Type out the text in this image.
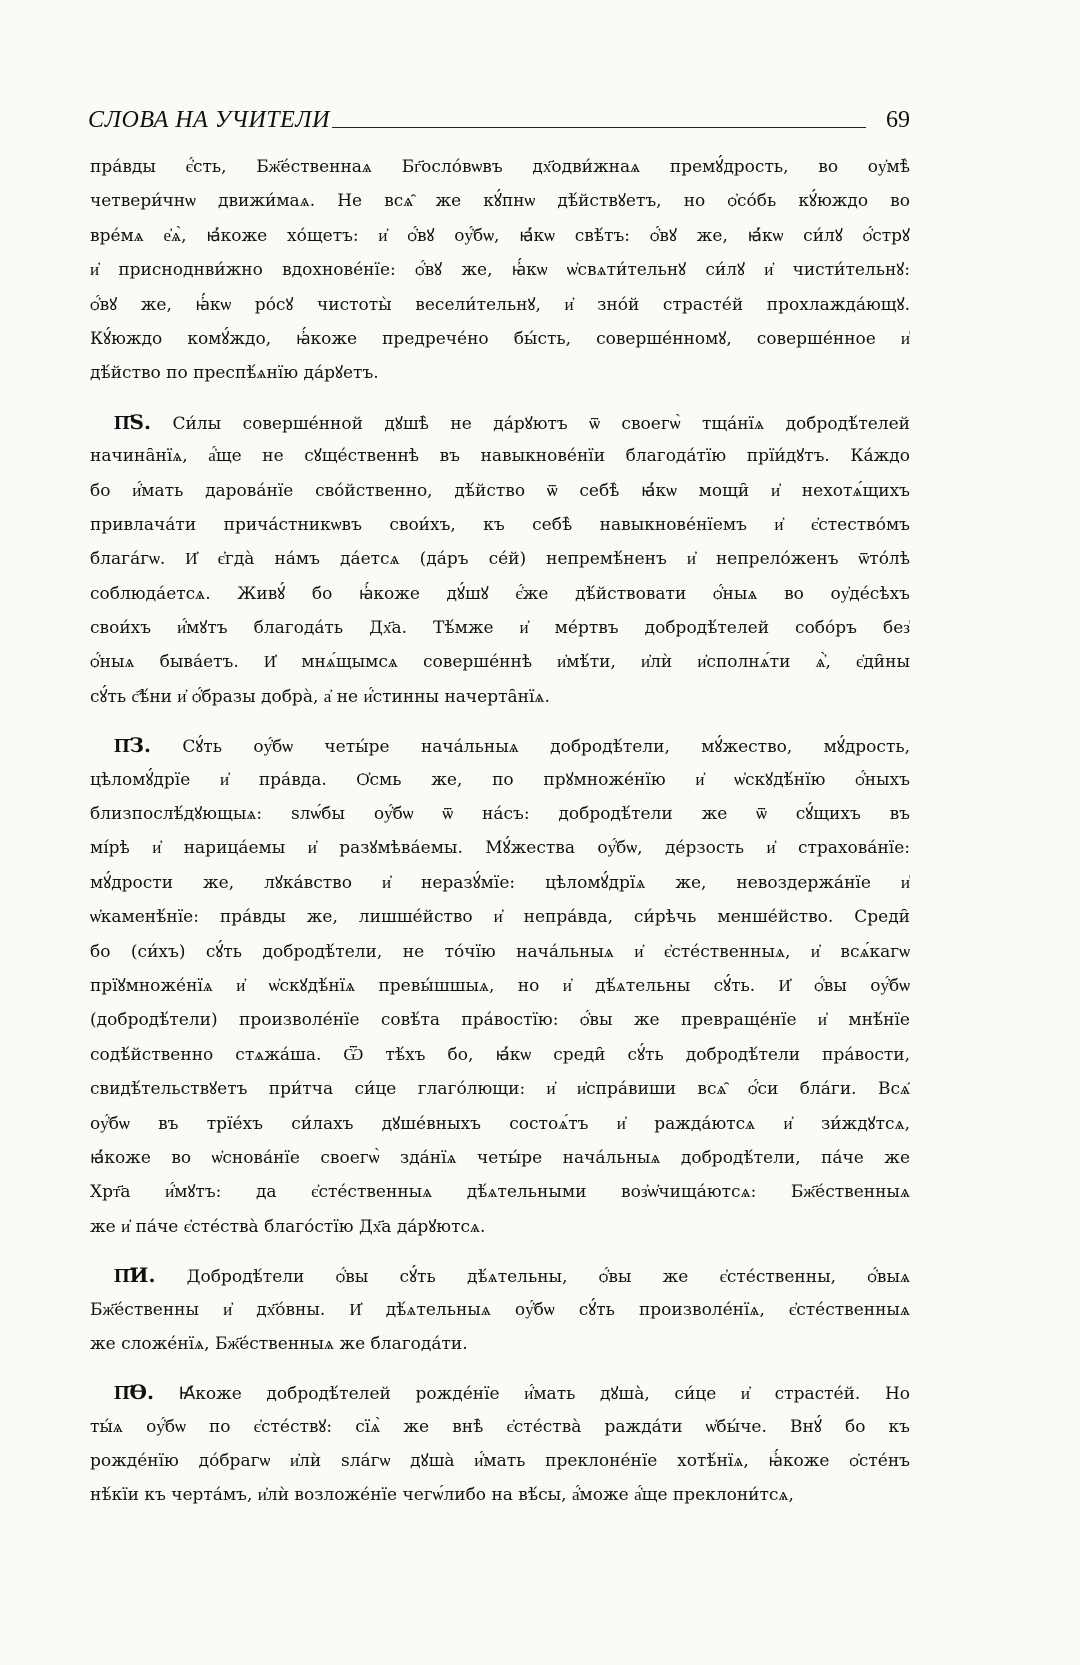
СЛОВА НА УЧИТЕЛИ	69
пра́вды є҆́сть, Бж҃е́ственнаѧ Бг҃осло́вѡвъ дх҃одви́жнаѧ премꙋ́дрость, во оу҆мѣ̀
четвери́чнѡ движи́маѧ. Не всѧ̑ же кꙋ́пнѡ дѣ́йствꙋетъ, но ѻ҆со́бь кꙋ́юждо во
вре́мѧ е҆ѧ̀, ꙗ҆́коже хо́щетъ: и҆ ѻ҆́вꙋ оу҆́бѡ, ꙗ҆́кѡ свѣ́тъ: ѻ҆́вꙋ же, ꙗ҆́кѡ си́лꙋ ѻ҆́стрꙋ
и҆ присноднви́жно вдохнове́нїе: ѻ҆́вꙋ же, ꙗ҆́кѡ ѡ҆свѧти́тельнꙋ си́лꙋ и҆ чисти́тельнꙋ:
ѻ҆́вꙋ же, ꙗ҆́кѡ ро́сꙋ чистоты̀ весели́тельнꙋ, и҆ зно́й страсте́й прохлажда́ющꙋ.
Кꙋ́юждо комꙋ́ждо, ꙗ҆́коже предрече́но бы́сть, соверше́нномꙋ, соверше́нное и҆
дѣ́йство по преспѣ́ѧнїю да́рꙋетъ.
П҃Ѕ. Си́лы соверше́нной дꙋшѣ̀ не да́рꙋютъ ѿ своегѡ̀ тща́нїѧ добродѣ́телей
начина̑нїѧ, а҆́ще не сꙋще́ственнѣ въ навыкнове́нїи благода́тїю прїи́дꙋтъ. Ка́ждо
бо и҆́мать дарова́нїе сво́йственно, дѣ́йство ѿ себѣ̀ ꙗ҆́кѡ мощи̑ и҆ нехотѧ́щихъ
привлача́ти прича́стникѡвъ свои́хъ, къ себѣ̀ навыкнове́нїемъ и҆ є҆стество́мъ
блага́гѡ. И҆ є҆гда̀ на́мъ да́етсѧ (да́ръ се́й) непремѣ́ненъ и҆ непрело́женъ ѿто́лѣ
соблюда́етсѧ. Живꙋ́ бо ꙗ҆́коже дꙋ́шꙋ є҆́же дѣ́йствовати ѻ҆́ныѧ во оу҆де́сѣхъ
свои́хъ и҆́мꙋтъ благода́ть Дх҃а. Тѣ́мже и҆ ме́ртвъ добродѣ́телей собо́ръ без҆
ѻ҆́ныѧ быва́етъ. И҆ мнѧ́щымсѧ соверше́ннѣ и҆мѣ́ти, и҆лѝ и҆сполнѧ́ти ѧ҆̀, є҆ди̑ны
сꙋ́ть с҄ѣ́ни и҆ ѻ҆́бразы добра̀, а҆ не и҆́стинны начерта̑нїѧ.
П҃З. Сꙋ́ть оу҆́бѡ четы́ре нача́льныѧ добродѣ́тели, мꙋ́жество, мꙋ́дрость,
цѣломꙋ́дрїе и҆ пра́вда. Ѻ҆смь же, по прꙋмноже́нїю и҆ ѡ҆скꙋдѣ́нїю ѻ҆́ныхъ
близпослѣ́дꙋющыѧ: ѕлѡ́бы оу҆́бѡ ѿ на́съ: добродѣ́тели же ѿ сꙋ́щихъ въ
мі́рѣ и҆ нарица́емы и҆ разꙋмѣва́емы. Мꙋ́жества оу҆́бѡ, де́рзость и҆ страхова́нїе:
мꙋ́дрости же, лꙋка́вство и҆ неразꙋ́мїе: цѣломꙋ́дрїѧ же, невоздержа́нїе и҆
ѡ҆каменѣ́нїе: пра́вды же, лишше́йство и҆ непра́вда, си́рѣчь менше́йство. Среди̑
бо (си́хъ) сꙋ́ть добродѣ́тели, не то́чїю нача́льныѧ и҆ є҆сте́ственныѧ, и҆ всѧ́кагѡ
прїꙋмноже́нїѧ и҆ ѡ҆скꙋдѣ́нїѧ превы́шшыѧ, но и҆ дѣ́ѧтельны сꙋ́ть. И҆ ѻ҆́вы оу҆́бѡ
(добродѣ́тели) произволе́нїе совѣ́та пра́востїю: ѻ҆́вы же превраще́нїе и҆ мнѣ́нїе
содѣ́йственно стѧжа́ша. Ѿ тѣ́хъ бо, ꙗ҆́кѡ среди̑ сꙋ́ть добродѣ́тели пра́вости,
свидѣ́тельствꙋетъ при́тча си́це глаго́лющи: и҆ и҆спра́виши всѧ̑ ѻ҆́си бла́ги. Всѧ̑
оу҆́бѡ въ трїе́хъ си́лахъ дꙋше́вныхъ состоѧ́тъ и҆ ражда́ютсѧ и҆ зи́ждꙋтсѧ,
ꙗ҆́коже во ѡ҆снова́нїе своегѡ̀ зда́нїѧ четы́ре нача́льныѧ добродѣ́тели, па́че же
Хрт҃а и҆́мꙋтъ: да є҆сте́ственныѧ дѣ́ѧтельными воз҆ѡ҆чища́ютсѧ: Бж҃е́ственныѧ
же и҆ па́че є҆сте́ства̀ благо́стїю Дх҃а да́рꙋютсѧ.
П҃И. Добродѣ́тели ѻ҆́вы сꙋ́ть дѣ́ѧтельны, ѻ҆́вы же є҆сте́ственны, ѻ҆́выѧ
Бж҃е́ственны и҆ дх҃о́вны. И҆ дѣ́ѧтельныѧ оу҆́бѡ сꙋ́ть произволе́нїѧ, є҆сте́ственныѧ
же сложе́нїѧ, Бж҃е́ственныѧ же благода́ти.
П҃Ѳ. Ꙗ҆́коже добродѣ́телей рожде́нїе и҆́мать дꙋша̀, си́це и҆ страсте́й. Но
ты́ѧ оу҆́бѡ по є҆сте́ствꙋ: сїѧ̀ же внѣ̀ є҆сте́ства̀ ражда́ти ѡ҆бы́че. Внꙋ́ бо къ
рожде́нїю до́брагѡ и҆лѝ ѕла́гѡ дꙋша̀ и҆́мать преклоне́нїе хотѣ́нїѧ, ꙗ҆́коже ѻ҆сте́нъ
нѣ́кїи къ черта́мъ, и҆лѝ возложе́нїе чегѡ́либо на вѣ́сы, а҆́може а҆́ще преклони́тсѧ,
